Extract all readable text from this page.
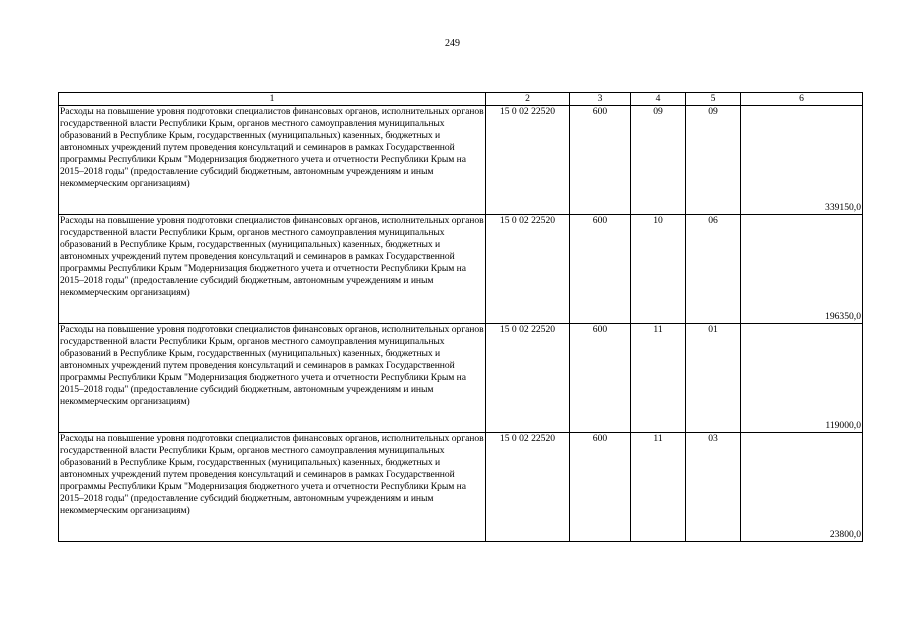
249
1	2	3	4	5	6
Расходы на повышение уровня подготовки специалистов финансовых органов, исполнительных органов государственной власти Республики Крым, органов местного самоуправления муниципальных образований в Республике Крым, государственных (муниципальных) казенных, бюджетных и автономных учреждений путем проведения консультаций и семинаров в рамках Государственной программы Республики Крым "Модернизация бюджетного учета и отчетности Республики Крым на 2015–2018 годы" (предоставление субсидий бюджетным, автономным учреждениям и иным некоммерческим организациям)	15 0 02 22520	600	09	09	339150,0
Расходы на повышение уровня подготовки специалистов финансовых органов, исполнительных органов государственной власти Республики Крым, органов местного самоуправления муниципальных образований в Республике Крым, государственных (муниципальных) казенных, бюджетных и автономных учреждений путем проведения консультаций и семинаров в рамках Государственной программы Республики Крым "Модернизация бюджетного учета и отчетности Республики Крым на 2015–2018 годы" (предоставление субсидий бюджетным, автономным учреждениям и иным некоммерческим организациям)	15 0 02 22520	600	10	06	196350,0
Расходы на повышение уровня подготовки специалистов финансовых органов, исполнительных органов государственной власти Республики Крым, органов местного самоуправления муниципальных образований в Республике Крым, государственных (муниципальных) казенных, бюджетных и автономных учреждений путем проведения консультаций и семинаров в рамках Государственной программы Республики Крым "Модернизация бюджетного учета и отчетности Республики Крым на 2015–2018 годы" (предоставление субсидий бюджетным, автономным учреждениям и иным некоммерческим организациям)	15 0 02 22520	600	11	01	119000,0
Расходы на повышение уровня подготовки специалистов финансовых органов, исполнительных органов государственной власти Республики Крым, органов местного самоуправления муниципальных образований в Республике Крым, государственных (муниципальных) казенных, бюджетных и автономных учреждений путем проведения консультаций и семинаров в рамках Государственной программы Республики Крым "Модернизация бюджетного учета и отчетности Республики Крым на 2015–2018 годы" (предоставление субсидий бюджетным, автономным учреждениям и иным некоммерческим организациям)	15 0 02 22520	600	11	03	23800,0
